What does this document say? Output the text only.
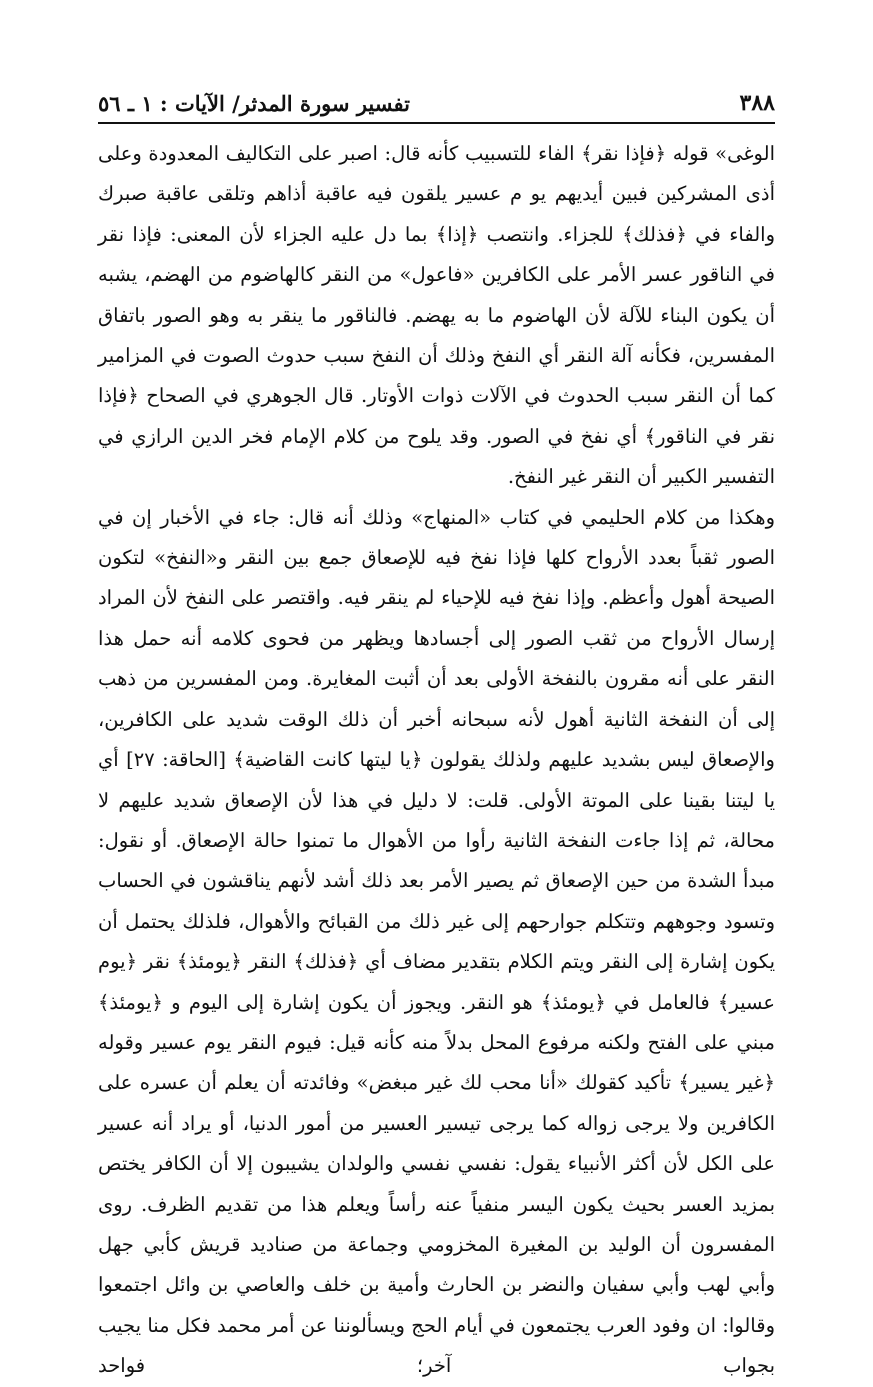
٣٨٨
تفسير سورة المدثر/ الآيات : ١ ـ ٥٦

الوغى» قوله ﴿فإذا نقر﴾ الفاء للتسبيب كأنه قال: اصبر على التكاليف المعدودة وعلى أذى المشركين فبين أيديهم يو م عسير يلقون فيه عاقبة أذاهم وتلقى عاقبة صبرك والفاء في ﴿فذلك﴾ للجزاء. وانتصب ﴿إذا﴾ بما دل عليه الجزاء لأن المعنى: فإذا نقر في الناقور عسر الأمر على الكافرين «فاعول» من النقر كالهاضوم من الهضم، يشبه أن يكون البناء للآلة لأن الهاضوم ما به يهضم. فالناقور ما ينقر به وهو الصور باتفاق المفسرين، فكأنه آلة النقر أي النفخ وذلك أن النفخ سبب حدوث الصوت في المزامير كما أن النقر سبب الحدوث في الآلات ذوات الأوتار. قال الجوهري في الصحاح ﴿فإذا نقر في الناقور﴾ أي نفخ في الصور. وقد يلوح من كلام الإمام فخر الدين الرازي في التفسير الكبير أن النقر غير النفخ.

وهكذا من كلام الحليمي في كتاب «المنهاج» وذلك أنه قال: جاء في الأخبار إن في الصور ثقباً بعدد الأرواح كلها فإذا نفخ فيه للإصعاق جمع بين النقر و«النفخ» لتكون الصيحة أهول وأعظم. وإذا نفخ فيه للإحياء لم ينقر فيه. واقتصر على النفخ لأن المراد إرسال الأرواح من ثقب الصور إلى أجسادها ويظهر من فحوى كلامه أنه حمل هذا النقر على أنه مقرون بالنفخة الأولى بعد أن أثبت المغايرة. ومن المفسرين من ذهب إلى أن النفخة الثانية أهول لأنه سبحانه أخبر أن ذلك الوقت شديد على الكافرين، والإصعاق ليس بشديد عليهم ولذلك يقولون ﴿يا ليتها كانت القاضية﴾ [الحاقة: ٢٧] أي يا ليتنا بقينا على الموتة الأولى. قلت: لا دليل في هذا لأن الإصعاق شديد عليهم لا محالة، ثم إذا جاءت النفخة الثانية رأوا من الأهوال ما تمنوا حالة الإصعاق. أو نقول: مبدأ الشدة من حين الإصعاق ثم يصير الأمر بعد ذلك أشد لأنهم يناقشون في الحساب وتسود وجوههم وتتكلم جوارحهم إلى غير ذلك من القبائح والأهوال، فلذلك يحتمل أن يكون إشارة إلى النقر ويتم الكلام بتقدير مضاف أي ﴿فذلك﴾ النقر ﴿يومئذ﴾ نقر ﴿يوم عسير﴾ فالعامل في ﴿يومئذ﴾ هو النقر. ويجوز أن يكون إشارة إلى اليوم و ﴿يومئذ﴾ مبني على الفتح ولكنه مرفوع المحل بدلاً منه كأنه قيل: فيوم النقر يوم عسير وقوله ﴿غير يسير﴾ تأكيد كقولك «أنا محب لك غير مبغض» وفائدته أن يعلم أن عسره على الكافرين ولا يرجى زواله كما يرجى تيسير العسير من أمور الدنيا، أو يراد أنه عسير على الكل لأن أكثر الأنبياء يقول: نفسي نفسي والولدان يشيبون إلا أن الكافر يختص بمزيد العسر بحيث يكون اليسر منفياً عنه رأساً ويعلم هذا من تقديم الظرف. روى المفسرون أن الوليد بن المغيرة المخزومي وجماعة من صناديد قريش كأبي جهل وأبي لهب وأبي سفيان والنضر بن الحارث وأمية بن خلف والعاصي بن وائل اجتمعوا وقالوا: ان وفود العرب يجتمعون في أيام الحج ويسألوننا عن أمر محمد فكل منا يجيب بجواب آخر؛ فواحد
